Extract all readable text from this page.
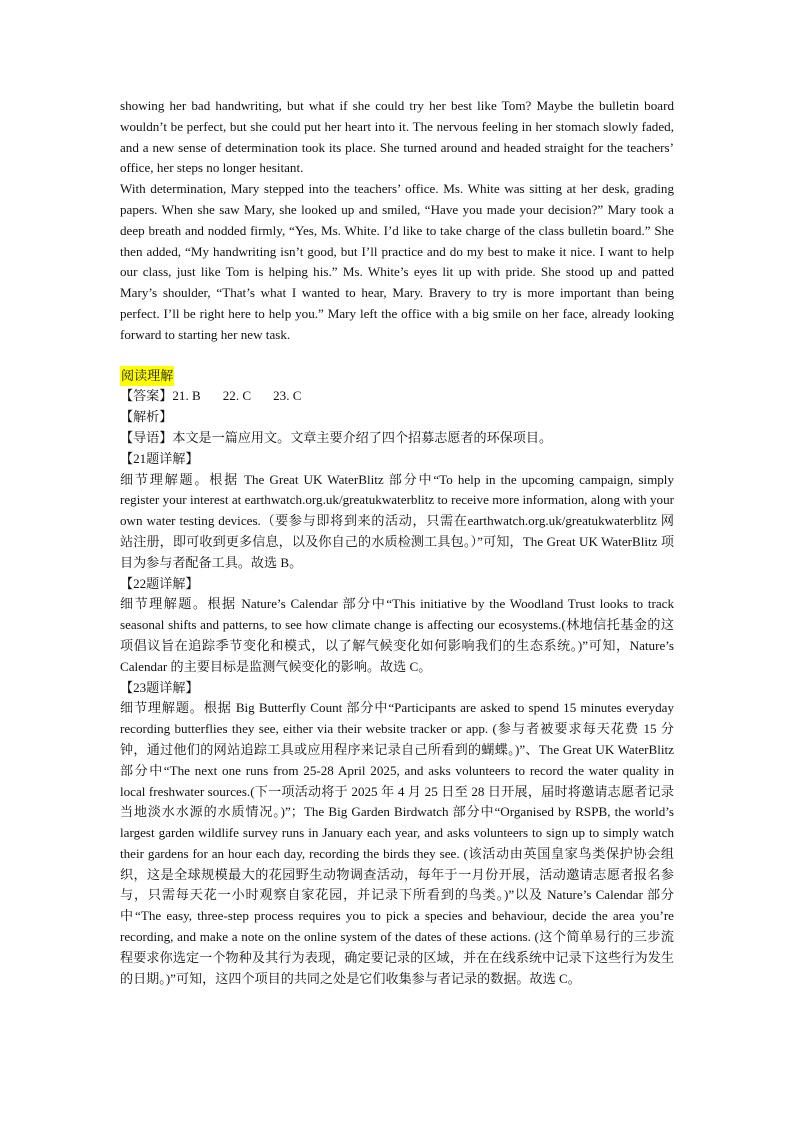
showing her bad handwriting, but what if she could try her best like Tom? Maybe the bulletin board wouldn’t be perfect, but she could put her heart into it. The nervous feeling in her stomach slowly faded, and a new sense of determination took its place. She turned around and headed straight for the teachers’ office, her steps no longer hesitant.

With determination, Mary stepped into the teachers’ office. Ms. White was sitting at her desk, grading papers. When she saw Mary, she looked up and smiled, “Have you made your decision?” Mary took a deep breath and nodded firmly, “Yes, Ms. White. I’d like to take charge of the class bulletin board.” She then added, “My handwriting isn’t good, but I’ll practice and do my best to make it nice. I want to help our class, just like Tom is helping his.” Ms. White’s eyes lit up with pride. She stood up and patted Mary’s shoulder, “That’s what I wanted to hear, Mary. Bravery to try is more important than being perfect. I’ll be right here to help you.” Mary left the office with a big smile on her face, already looking forward to starting her new task.

阅读理解

【答案】21. B 22. C 23. C

【解析】

【导语】本文是一篇应用文。文章主要介绍了四个招募志愿者的环保项目。

【21题详解】

细节理解题。根据 The Great UK WaterBlitz 部分中“To help in the upcoming campaign, simply register your interest at earthwatch.org.uk/greatukwaterblitz to receive more information, along with your own water testing devices.（要参与即将到来的活动，只需在earthwatch.org.uk/greatukwaterblitz 网站注册，即可收到更多信息，以及你自己的水质检测工具包。）”可知，The Great UK WaterBlitz 项目为参与者配备工具。故选 B。

【22题详解】

细节理解题。根据 Nature’s Calendar 部分中“This initiative by the Woodland Trust looks to track seasonal shifts and patterns, to see how climate change is affecting our ecosystems.(林地信托基金的这项倡议旨在追踪季节变化和模式，以了解气候变化如何影响我们的生态系统。)”可知，Nature’s Calendar 的主要目标是监测气候变化的影响。故选 C。

【23题详解】

细节理解题。根据 Big Butterfly Count 部分中“Participants are asked to spend 15 minutes everyday recording butterflies they see, either via their website tracker or app. (参与者被要求每天花费 15 分钟，通过他们的网站追踪工具或应用程序来记录自己所看到的蝴蝶。)”、The Great UK WaterBlitz 部分中“The next one runs from 25-28 April 2025, and asks volunteers to record the water quality in local freshwater sources.(下一项活动将于 2025 年 4 月 25 日至 28 日开展，届时将邀请志愿者记录当地淡水水源的水质情况。)”；The Big Garden Birdwatch 部分中“Organised by RSPB, the world’s largest garden wildlife survey runs in January each year, and asks volunteers to sign up to simply watch their gardens for an hour each day, recording the birds they see. (该活动由英国皇家鸟类保护协会组织，这是全球规模最大的花园野生动物调查活动，每年于一月份开展，活动邀请志愿者报名参与，只需每天花一小时观察自家花园，并记录下所看到的鸟类。)”以及 Nature’s Calendar 部分中“The easy, three-step process requires you to pick a species and behaviour, decide the area you’re recording, and make a note on the online system of the dates of these actions. (这个简单易行的三步流程要求你选定一个物种及其行为表现，确定要记录的区域，并在在线系统中记录下这些行为发生的日期。)”可知，这四个项目的共同之处是它们收集参与者记录的数据。故选 C。
